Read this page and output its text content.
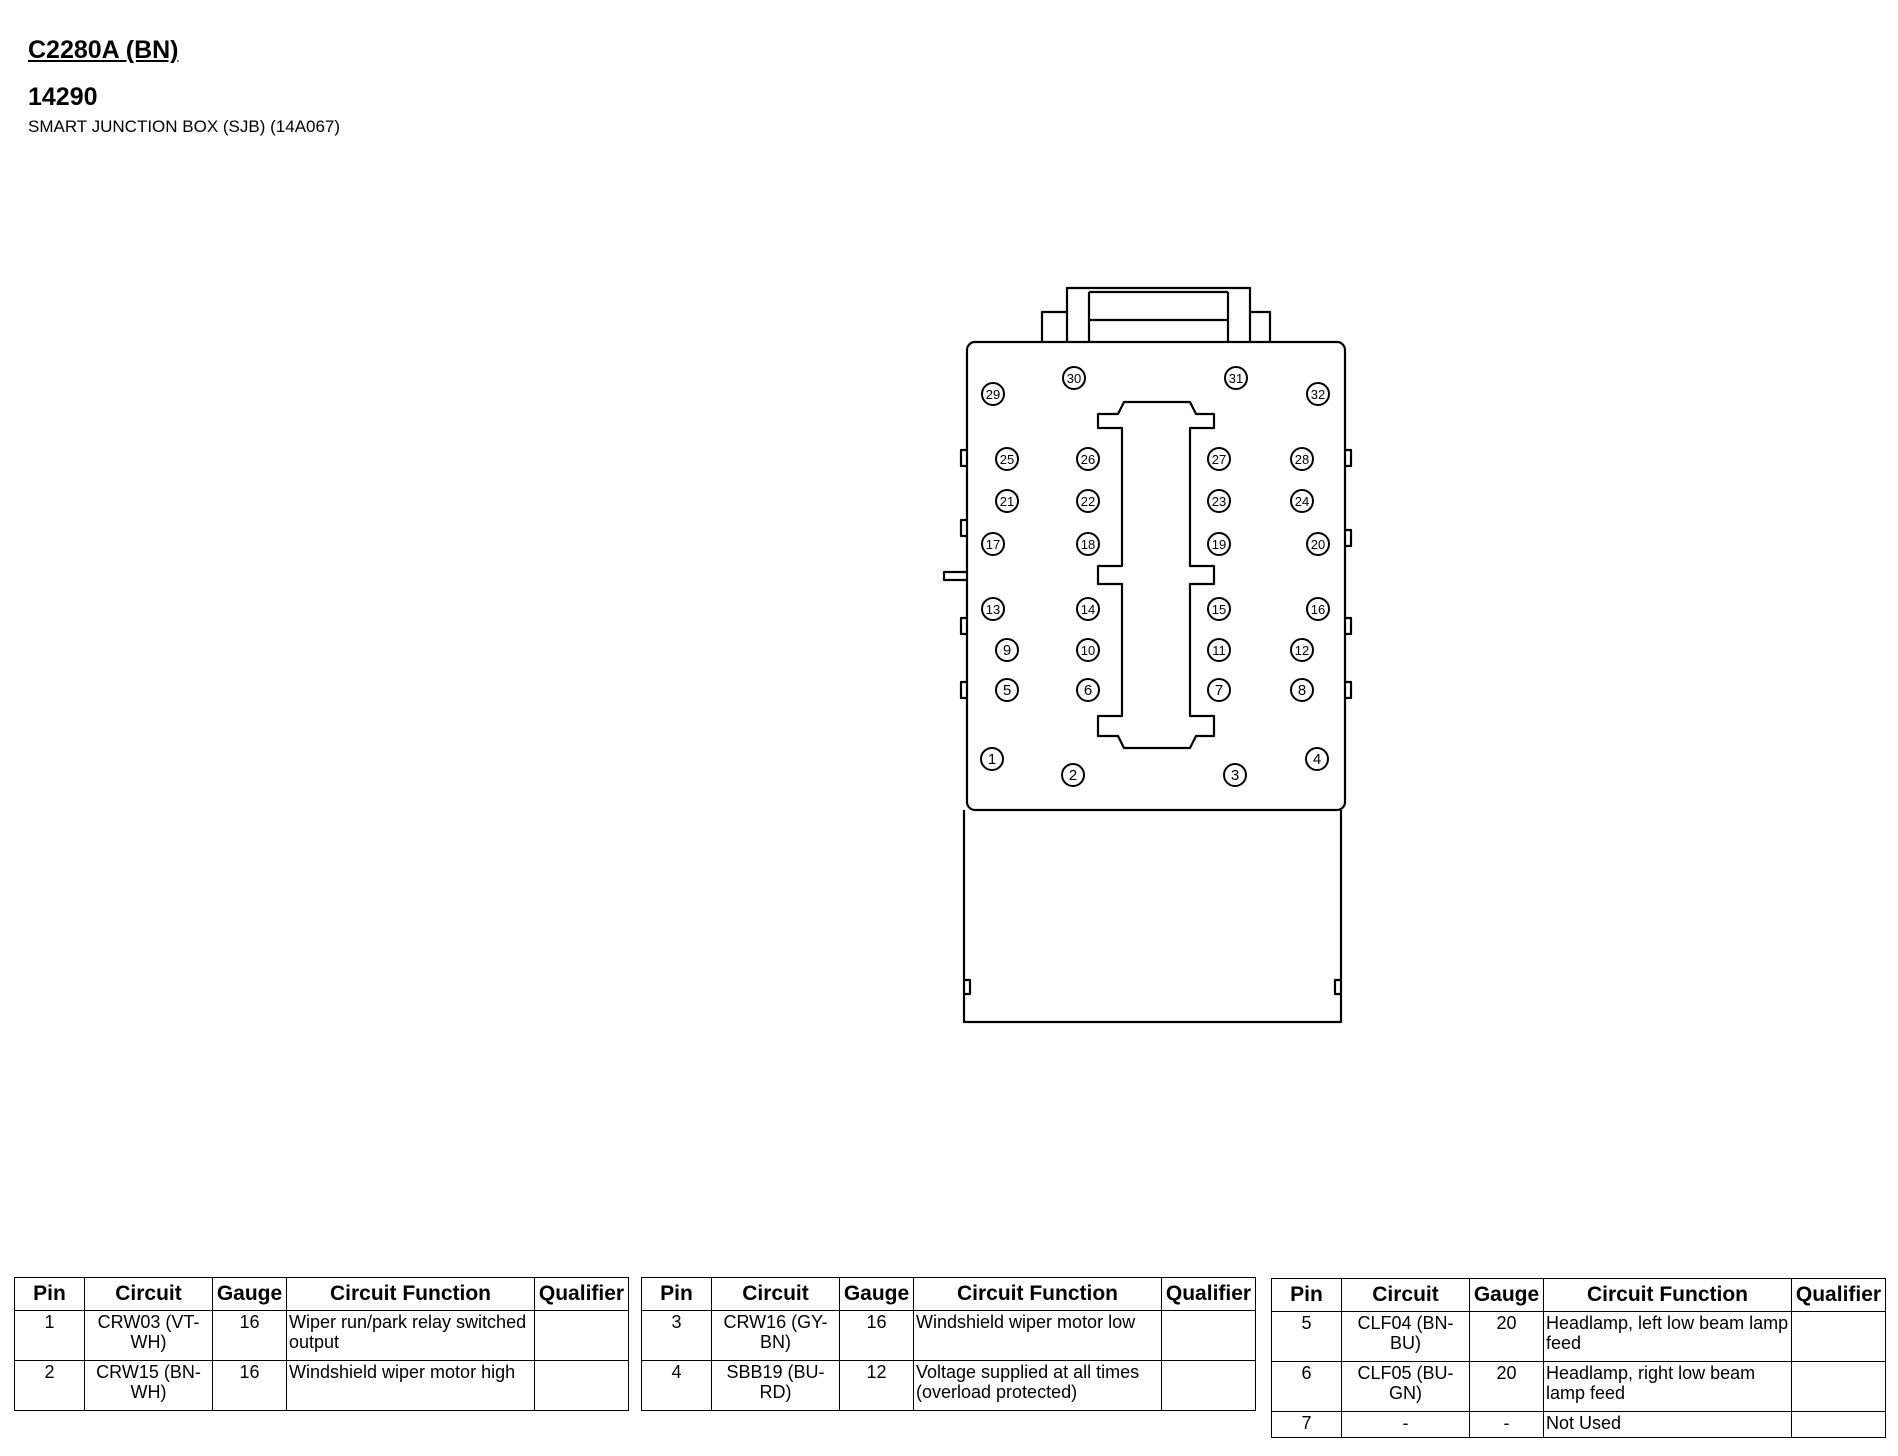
C2280A (BN)
14290
SMART JUNCTION BOX (SJB) (14A067)
1
2	3
4
5	6	7	8
9	10	11	12
13	14	15	16
17	18	19	20
21	22	23	24
25	26	27	28
29
30	31
32
Pin	Circuit	Gauge	Circuit Function	Qualifier
1	CRW03 (VT-WH)	16	Wiper run/park relay switched output	
2	CRW15 (BN-WH)	16	Windshield wiper motor high	
Pin	Circuit	Gauge	Circuit Function	Qualifier
3	CRW16 (GY-BN)	16	Windshield wiper motor low	
4	SBB19 (BU-RD)	12	Voltage supplied at all times (overload protected)	
Pin	Circuit	Gauge	Circuit Function	Qualifier
5	CLF04 (BN-BU)	20	Headlamp, left low beam lamp feed	
6	CLF05 (BU-GN)	20	Headlamp, right low beam lamp feed	
7	-	-	Not Used	
